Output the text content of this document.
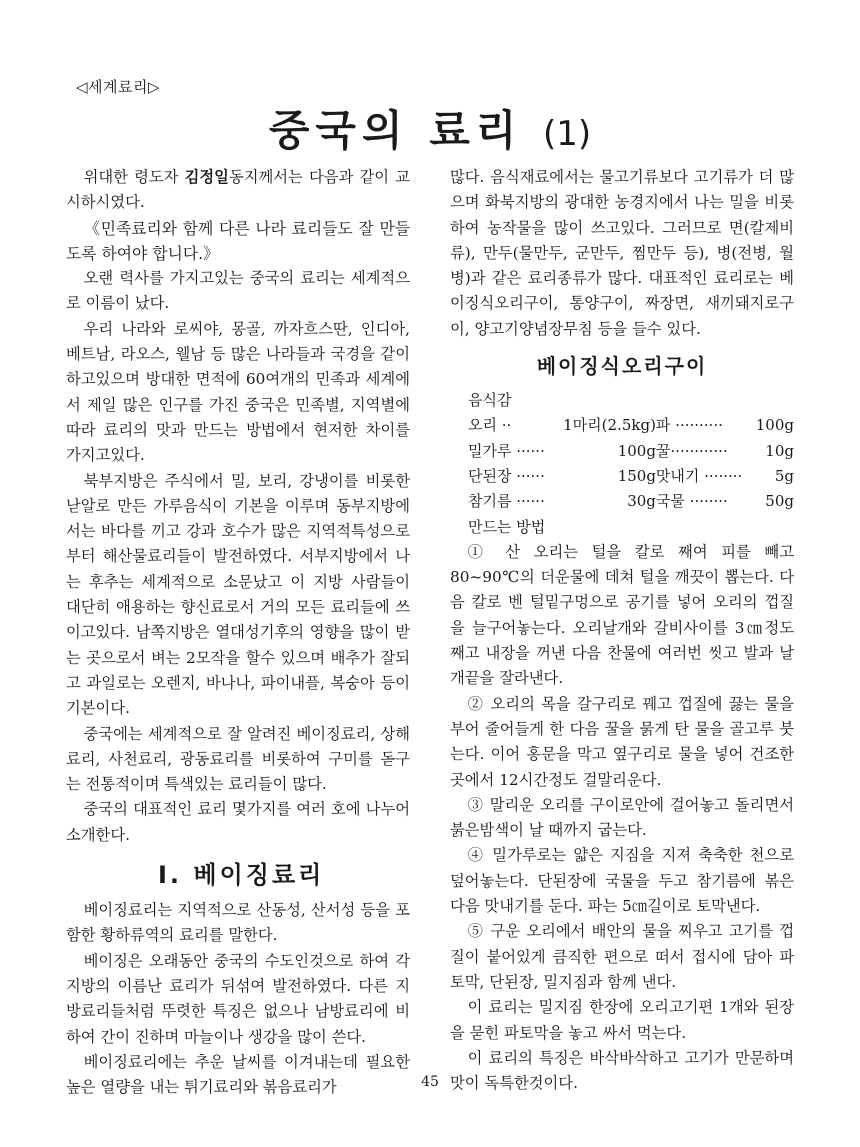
◁세계료리▷
중국의 료리 (1)

위대한 령도자 김정일동지께서는 다음과 같이 교시하시였다.

《민족료리와 함께 다른 나라 료리들도 잘 만들도록 하여야 합니다.》

오랜 력사를 가지고있는 중국의 료리는 세계적으로 이름이 났다.

우리 나라와 로씨야, 몽골, 까자흐스딴, 인디아, 베트남, 라오스, 웰남 등 많은 나라들과 국경을 같이 하고있으며 방대한 면적에 60여개의 민족과 세계에서 제일 많은 인구를 가진 중국은 민족별, 지역별에 따라 료리의 맛과 만드는 방법에서 현저한 차이를 가지고있다.

북부지방은 주식에서 밀, 보리, 강냉이를 비롯한 낟알로 만든 가루음식이 기본을 이루며 동부지방에서는 바다를 끼고 강과 호수가 많은 지역적특성으로부터 해산물료리들이 발전하였다. 서부지방에서 나는 후추는 세계적으로 소문났고 이 지방 사람들이 대단히 애용하는 향신료로서 거의 모든 료리들에 쓰이고있다. 남쪽지방은 열대성기후의 영향을 많이 받는 곳으로서 벼는 2모작을 할수 있으며 배추가 잘되고 과일로는 오렌지, 바나나, 파이내플, 복숭아 등이 기본이다.

중국에는 세계적으로 잘 알려진 베이징료리, 상해료리, 사천료리, 광동료리를 비롯하여 구미를 돋구는 전통적이며 특색있는 료리들이 많다.

중국의 대표적인 료리 몇가지를 여러 호에 나누어 소개한다.

Ⅰ. 베이징료리

베이징료리는 지역적으로 산동성, 산서성 등을 포함한 황하류역의 료리를 말한다.

베이징은 오래동안 중국의 수도인것으로 하여 각 지방의 이름난 료리가 뒤섞여 발전하였다. 다른 지방료리들처럼 뚜렷한 특징은 없으나 남방료리에 비하여 간이 진하며 마늘이나 생강을 많이 쓴다.

베이징료리에는 추운 날씨를 이겨내는데 필요한 높은 열량을 내는 튀기료리와 볶음료리가

많다. 음식재료에서는 물고기류보다 고기류가 더 많으며 화북지방의 광대한 농경지에서 나는 밀을 비롯하여 농작물을 많이 쓰고있다. 그러므로 면(칼제비류), 만두(물만두, 군만두, 찜만두 등), 병(전병, 월병)과 같은 료리종류가 많다. 대표적인 료리로는 베이징식오리구이, 통양구이, 짜장면, 새끼돼지로구이, 양고기양념장무침 등을 들수 있다.

베이징식오리구이
음식감
오리 ··	1마리(2.5kg)	파 ··········	100g
밀가루 ······	100g	꿀············	10g
단된장 ······	150g	맛내기 ········	5g
참기름 ······	30g	국물 ········	50g
만드는 방법

① 산 오리는 털을 칼로 째여 피를 빼고 80~90℃의 더운물에 데쳐 털을 깨끗이 뽑는다. 다음 칼로 벤 털밑구멍으로 공기를 넣어 오리의 껍질을 늘구어놓는다. 오리날개와 갈비사이를 3㎝정도 째고 내장을 꺼낸 다음 찬물에 여러번 씻고 발과 날개끝을 잘라낸다.

② 오리의 목을 갈구리로 꿰고 껍질에 끓는 물을 부어 줄어들게 한 다음 꿀을 묽게 탄 물을 골고루 붓는다. 이어 홍문을 막고 옆구리로 물을 넣어 건조한 곳에서 12시간정도 걸말리운다.

③ 말리운 오리를 구이로안에 걸어놓고 돌리면서 붉은밤색이 날 때까지 굽는다.

④ 밀가루로는 얇은 지짐을 지져 축축한 천으로 덮어놓는다. 단된장에 국물을 두고 참기름에 볶은 다음 맛내기를 둔다. 파는 5㎝길이로 토막낸다.

⑤ 구운 오리에서 배안의 물을 찌우고 고기를 껍질이 붙어있게 큼직한 편으로 떠서 접시에 담아 파토막, 단된장, 밀지짐과 함께 낸다.

이 료리는 밀지짐 한장에 오리고기편 1개와 된장을 묻힌 파토막을 놓고 싸서 먹는다.

이 료리의 특징은 바삭바삭하고 고기가 만문하며 맛이 독특한것이다.

45
